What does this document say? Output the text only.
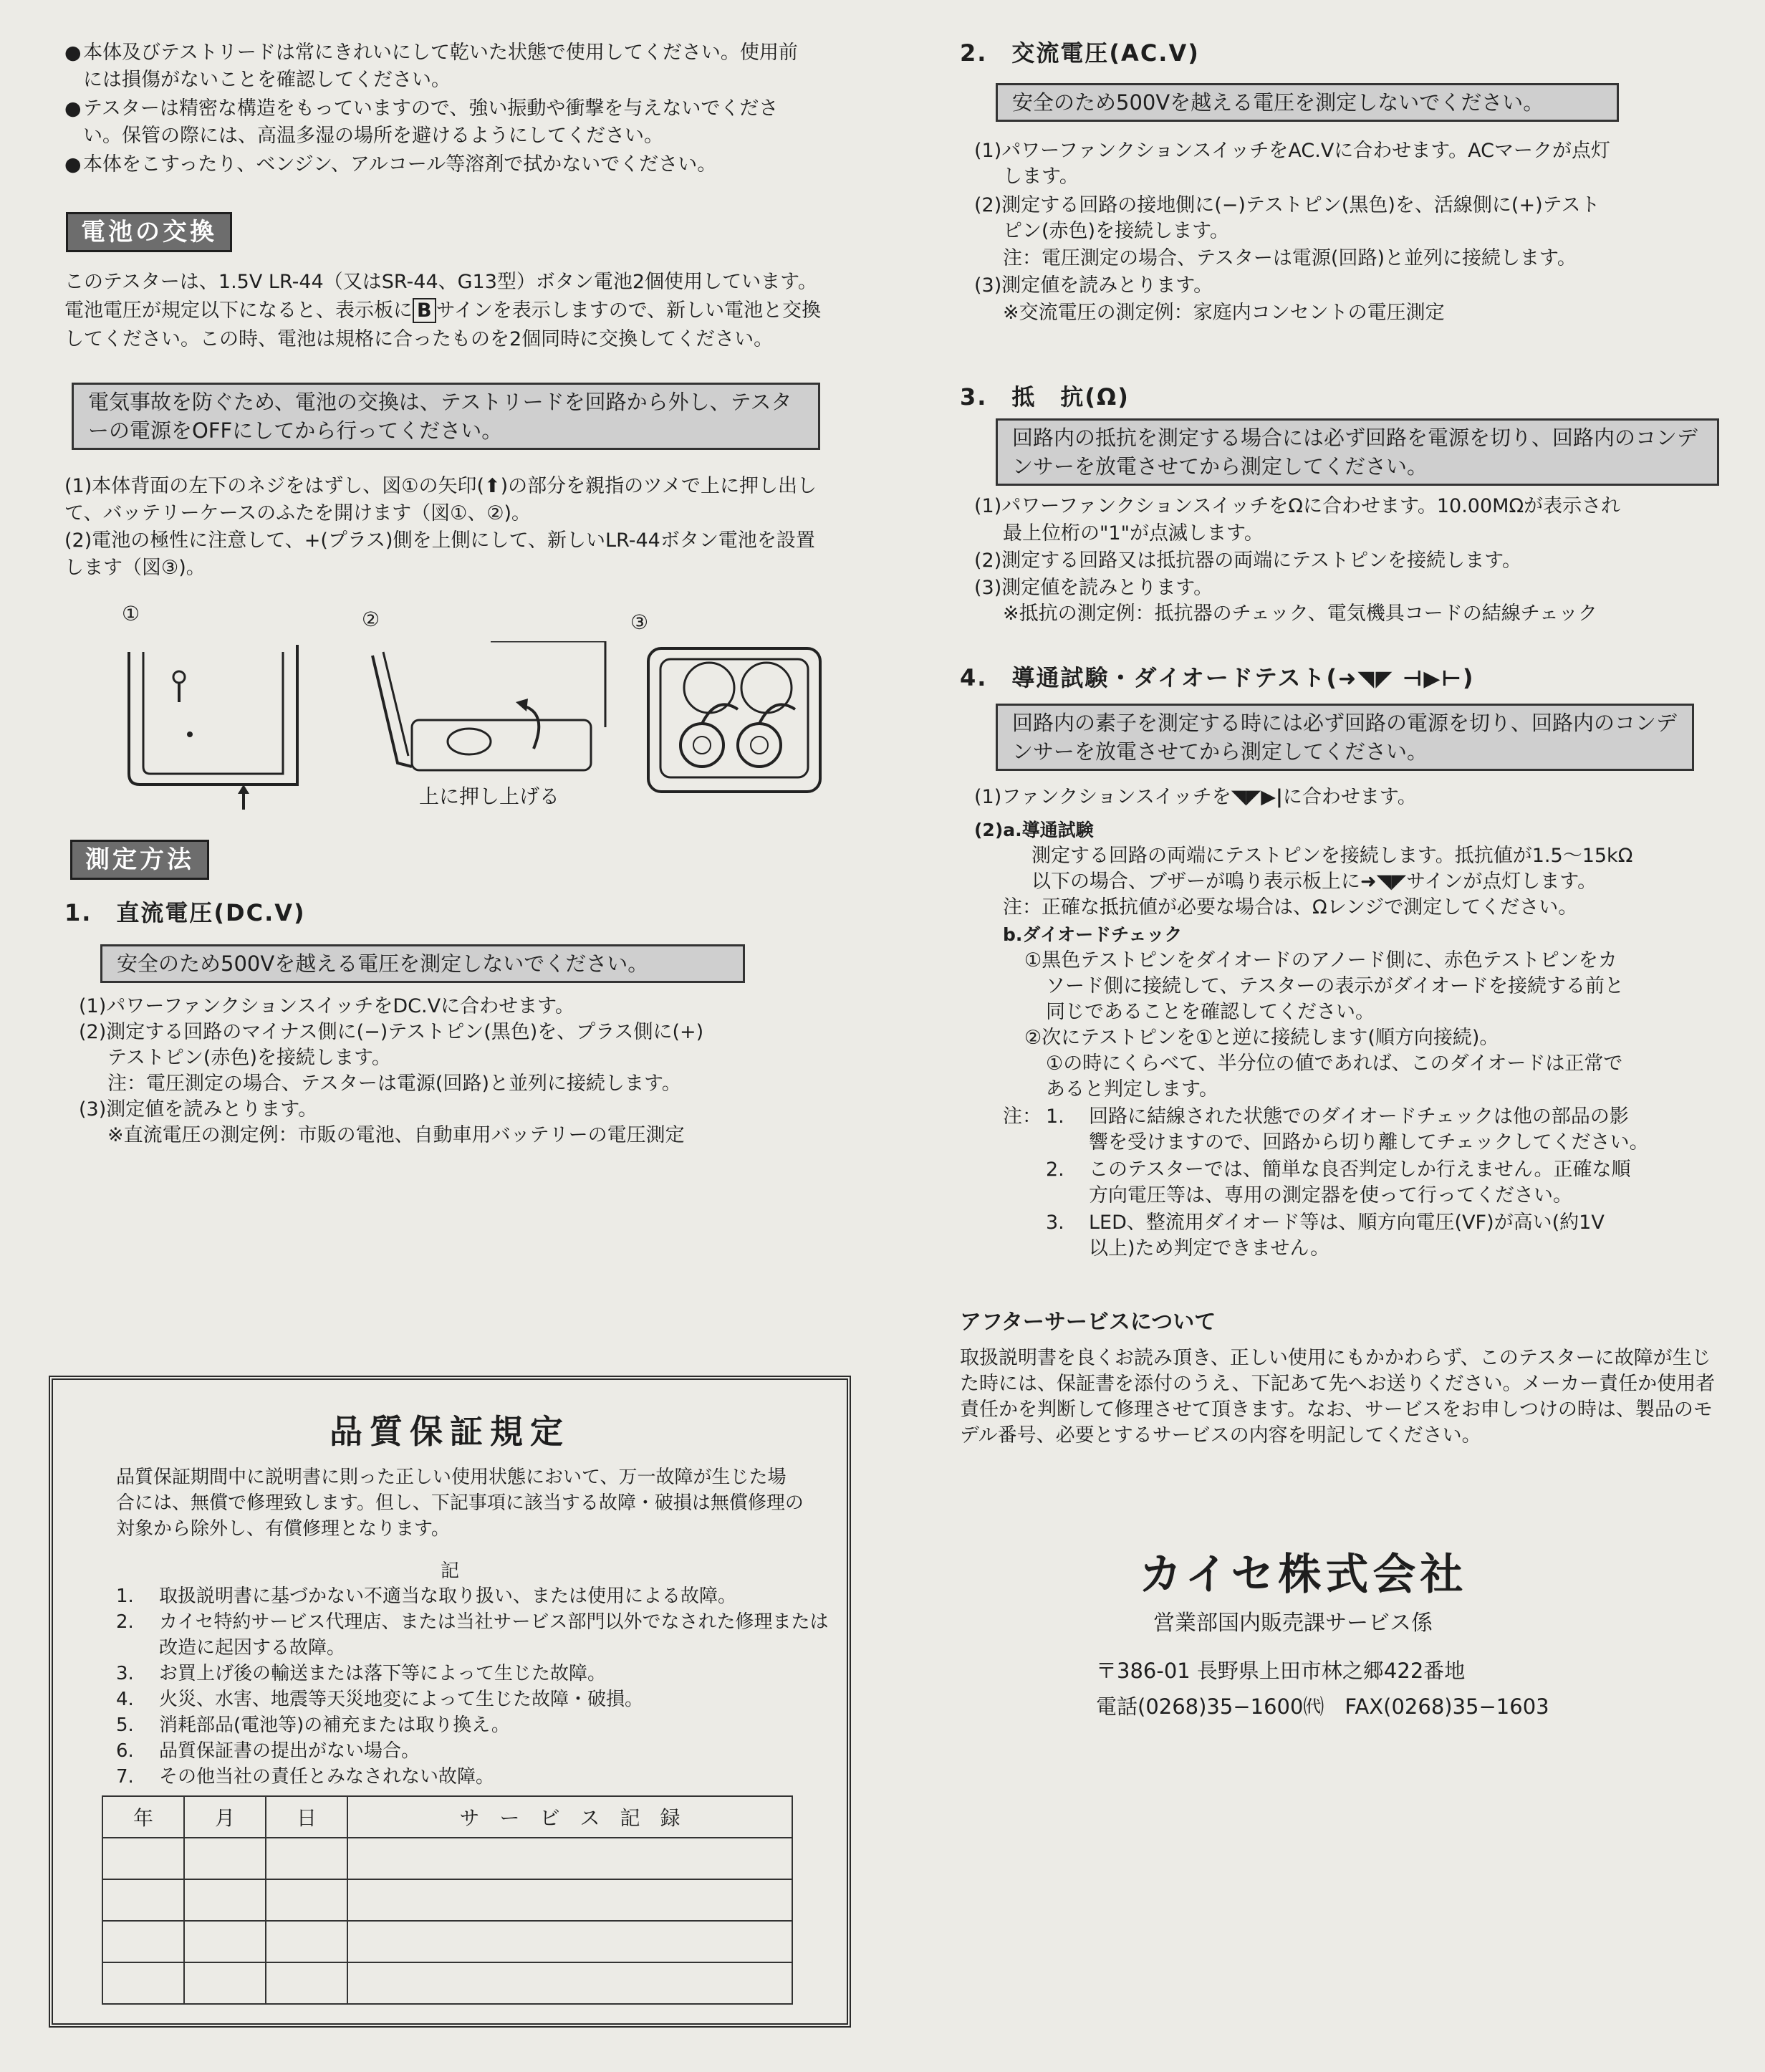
● 本体及びテストリードは常にきれいにして乾いた状態で使用してください。使用前には損傷がないことを確認してください。
● テスターは精密な構造をもっていますので、強い振動や衝撃を与えないでください。保管の際には、高温多湿の場所を避けるようにしてください。
● 本体をこすったり、ベンジン、アルコール等溶剤で拭かないでください。
電池の交換
このテスターは、1.5V LR-44（又はSR-44、G13型）ボタン電池2個使用しています。電池電圧が規定以下になると、表示板に B サインを表示しますので、新しい電池と交換してください。この時、電池は規格に合ったものを2個同時に交換してください。
電気事故を防ぐため、電池の交換は、テストリードを回路から外し、テスターの電源をOFFにしてから行ってください。
(1)本体背面の左下のネジをはずし、図①の矢印(⬆)の部分を親指のツメで上に押し出して、バッテリーケースのふたを開けます（図①、②)。
(2)電池の極性に注意して、+(プラス)側を上側にして、新しいLR-44ボタン電池を設置します（図③)。
①	②	③
上に押し上げる
測定方法
1.　直流電圧(DC.V)
安全のため500Vを越える電圧を測定しないでください。
(1)パワーファンクションスイッチをDC.Vに合わせます。
(2)測定する回路のマイナス側に(−)テストピン(黒色)を、プラス側に(+)
テストピン(赤色)を接続します。
注：電圧測定の場合、テスターは電源(回路)と並列に接続します。
(3)測定値を読みとります。
※直流電圧の測定例：市販の電池、自動車用バッテリーの電圧測定
品質保証規定
品質保証期間中に説明書に則った正しい使用状態において、万一故障が生じた場合には、無償で修理致します。但し、下記事項に該当する故障・破損は無償修理の対象から除外し、有償修理となります。
記
1.	取扱説明書に基づかない不適当な取り扱い、または使用による故障。
2.	カイセ特約サービス代理店、または当社サービス部門以外でなされた修理または改造に起因する故障。
3.	お買上げ後の輸送または落下等によって生じた故障。
4.	火災、水害、地震等天災地変によって生じた故障・破損。
5.	消耗部品(電池等)の補充または取り換え。
6.	品質保証書の提出がない場合。
7.	その他当社の責任とみなされない故障。
年	月	日	サ　ー　ビ　ス　記　録

2.　交流電圧(AC.V)
安全のため500Vを越える電圧を測定しないでください。
(1)パワーファンクションスイッチをAC.Vに合わせます。ACマークが点灯
します。
(2)測定する回路の接地側に(−)テストピン(黒色)を、活線側に(+)テスト
ピン(赤色)を接続します。
注：電圧測定の場合、テスターは電源(回路)と並列に接続します。
(3)測定値を読みとります。
※交流電圧の測定例：家庭内コンセントの電圧測定
3.　抵　抗(Ω)
回路内の抵抗を測定する場合には必ず回路を電源を切り、回路内のコンデンサーを放電させてから測定してください。
(1)パワーファンクションスイッチをΩに合わせます。10.00MΩが表示され
最上位桁の"1"が点滅します。
(2)測定する回路又は抵抗器の両端にテストピンを接続します。
(3)測定値を読みとります。
※抵抗の測定例：抵抗器のチェック、電気機具コードの結線チェック
4.　導通試験・ダイオードテスト(➜◥◤ ⊣▶⊢)
回路内の素子を測定する時には必ず回路の電源を切り、回路内のコンデンサーを放電させてから測定してください。
(1)ファンクションスイッチを◥◤▶|に合わせます。
(2)a.導通試験
測定する回路の両端にテストピンを接続します。抵抗値が1.5〜15kΩ
以下の場合、ブザーが鳴り表示板上に➜◥◤サインが点灯します。
注：正確な抵抗値が必要な場合は、Ωレンジで測定してください。
b.ダイオードチェック
①黒色テストピンをダイオードのアノード側に、赤色テストピンをカ
ソード側に接続して、テスターの表示がダイオードを接続する前と
同じであることを確認してください。
②次にテストピンを①と逆に接続します(順方向接続)。
①の時にくらべて、半分位の値であれば、このダイオードは正常で
あると判定します。
注： 1. 回路に結線された状態でのダイオードチェックは他の部品の影
響を受けますので、回路から切り離してチェックしてください。
2. このテスターでは、簡単な良否判定しか行えません。正確な順
方向電圧等は、専用の測定器を使って行ってください。
3. LED、整流用ダイオード等は、順方向電圧(VF)が高い(約1V
以上)ため判定できません。
アフターサービスについて
取扱説明書を良くお読み頂き、正しい使用にもかかわらず、このテスターに故障が生じた時には、保証書を添付のうえ、下記あて先へお送りください。メーカー責任か使用者責任かを判断して修理させて頂きます。なお、サービスをお申しつけの時は、製品のモデル番号、必要とするサービスの内容を明記してください。
カイセ株式会社
営業部国内販売課サービス係
〒386-01 長野県上田市林之郷422番地
電話(0268)35−1600㈹　FAX(0268)35−1603
